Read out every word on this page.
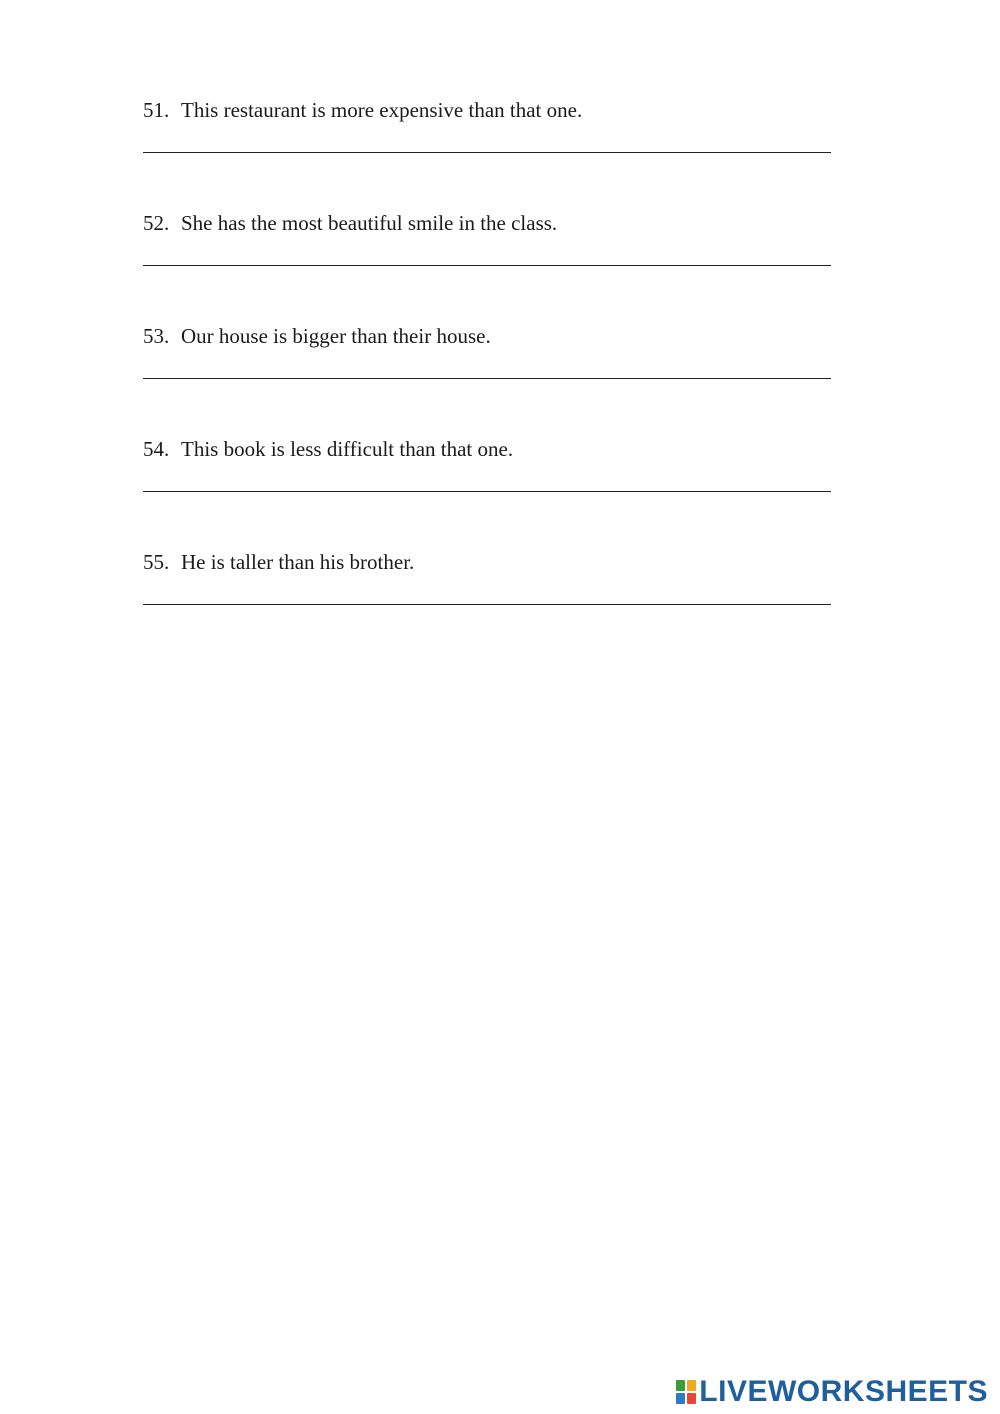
51. This restaurant is more expensive than that one.
52. She has the most beautiful smile in the class.
53. Our house is bigger than their house.
54. This book is less difficult than that one.
55. He is taller than his brother.
LIVEWORKSHEETS
